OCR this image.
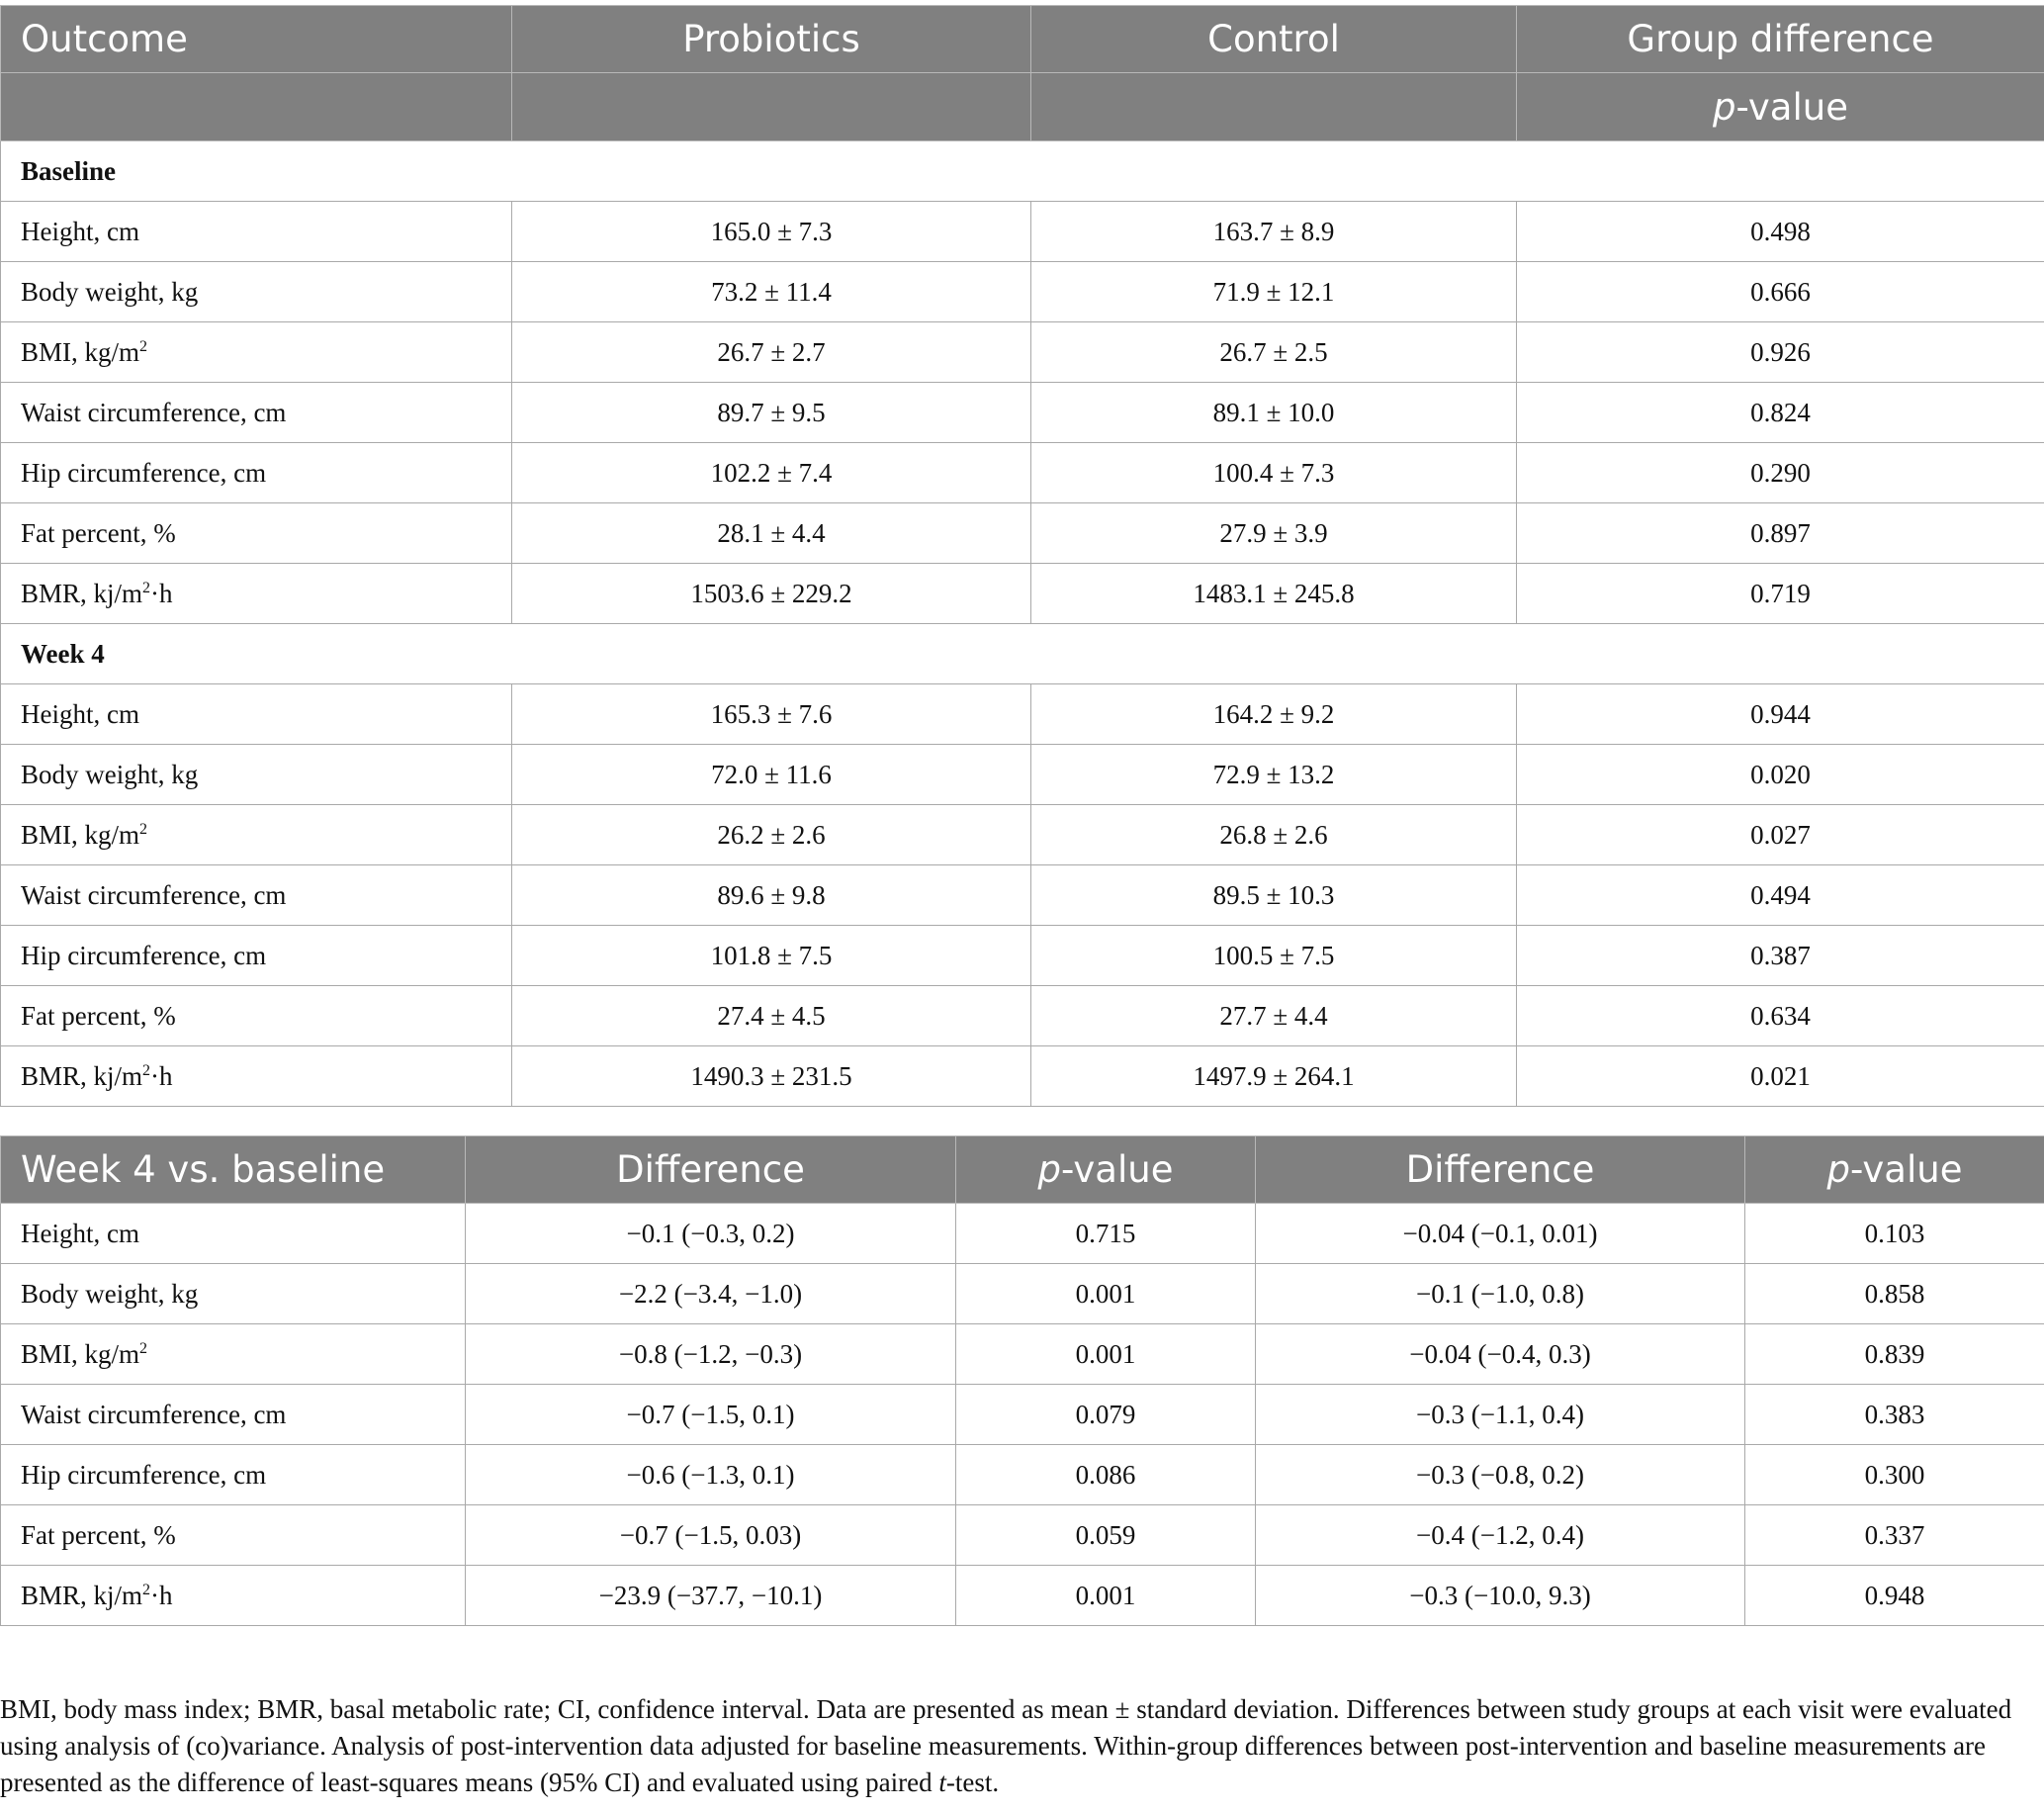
Outcome	Probiotics	Control	Group difference
			p-value
Baseline			
Height, cm	165.0 ± 7.3	163.7 ± 8.9	0.498
Body weight, kg	73.2 ± 11.4	71.9 ± 12.1	0.666
BMI, $kg/m^2$	26.7 ± 2.7	26.7 ± 2.5	0.926
Waist circumference, cm	89.7 ± 9.5	89.1 ± 10.0	0.824
Hip circumference, cm	102.2 ± 7.4	100.4 ± 7.3	0.290
Fat percent, %	28.1 ± 4.4	27.9 ± 3.9	0.897
BMR, $kj/m^2\cdot h$	1503.6 ± 229.2	1483.1 ± 245.8	0.719
Week 4			
Height, cm	165.3 ± 7.6	164.2 ± 9.2	0.944
Body weight, kg	72.0 ± 11.6	72.9 ± 13.2	0.020
BMI, $kg/m^2$	26.2 ± 2.6	26.8 ± 2.6	0.027
Waist circumference, cm	89.6 ± 9.8	89.5 ± 10.3	0.494
Hip circumference, cm	101.8 ± 7.5	100.5 ± 7.5	0.387
Fat percent, %	27.4 ± 4.5	27.7 ± 4.4	0.634
BMR, $kj/m^2\cdot h$	1490.3 ± 231.5	1497.9 ± 264.1	0.021
Week 4 vs. baseline	Difference	p-value	Difference	p-value
Height, cm	−0.1 (−0.3, 0.2)	0.715	−0.04 (−0.1, 0.01)	0.103
Body weight, kg	−2.2 (−3.4, −1.0)	0.001	−0.1 (−1.0, 0.8)	0.858
BMI, $kg/m^2$	−0.8 (−1.2, −0.3)	0.001	−0.04 (−0.4, 0.3)	0.839
Waist circumference, cm	−0.7 (−1.5, 0.1)	0.079	−0.3 (−1.1, 0.4)	0.383
Hip circumference, cm	−0.6 (−1.3, 0.1)	0.086	−0.3 (−0.8, 0.2)	0.300
Fat percent, %	−0.7 (−1.5, 0.03)	0.059	−0.4 (−1.2, 0.4)	0.337
BMR, $kj/m^2\cdot h$	−23.9 (−37.7, −10.1)	0.001	−0.3 (−10.0, 9.3)	0.948
BMI, body mass index; BMR, basal metabolic rate; CI, confidence interval. Data are presented as mean ± standard deviation. Differences between study groups at each visit were evaluated using analysis of (co)variance. Analysis of post-intervention data adjusted for baseline measurements. Within-group differences between post-intervention and baseline measurements are presented as the difference of least-squares means (95% CI) and evaluated using paired t-test.
